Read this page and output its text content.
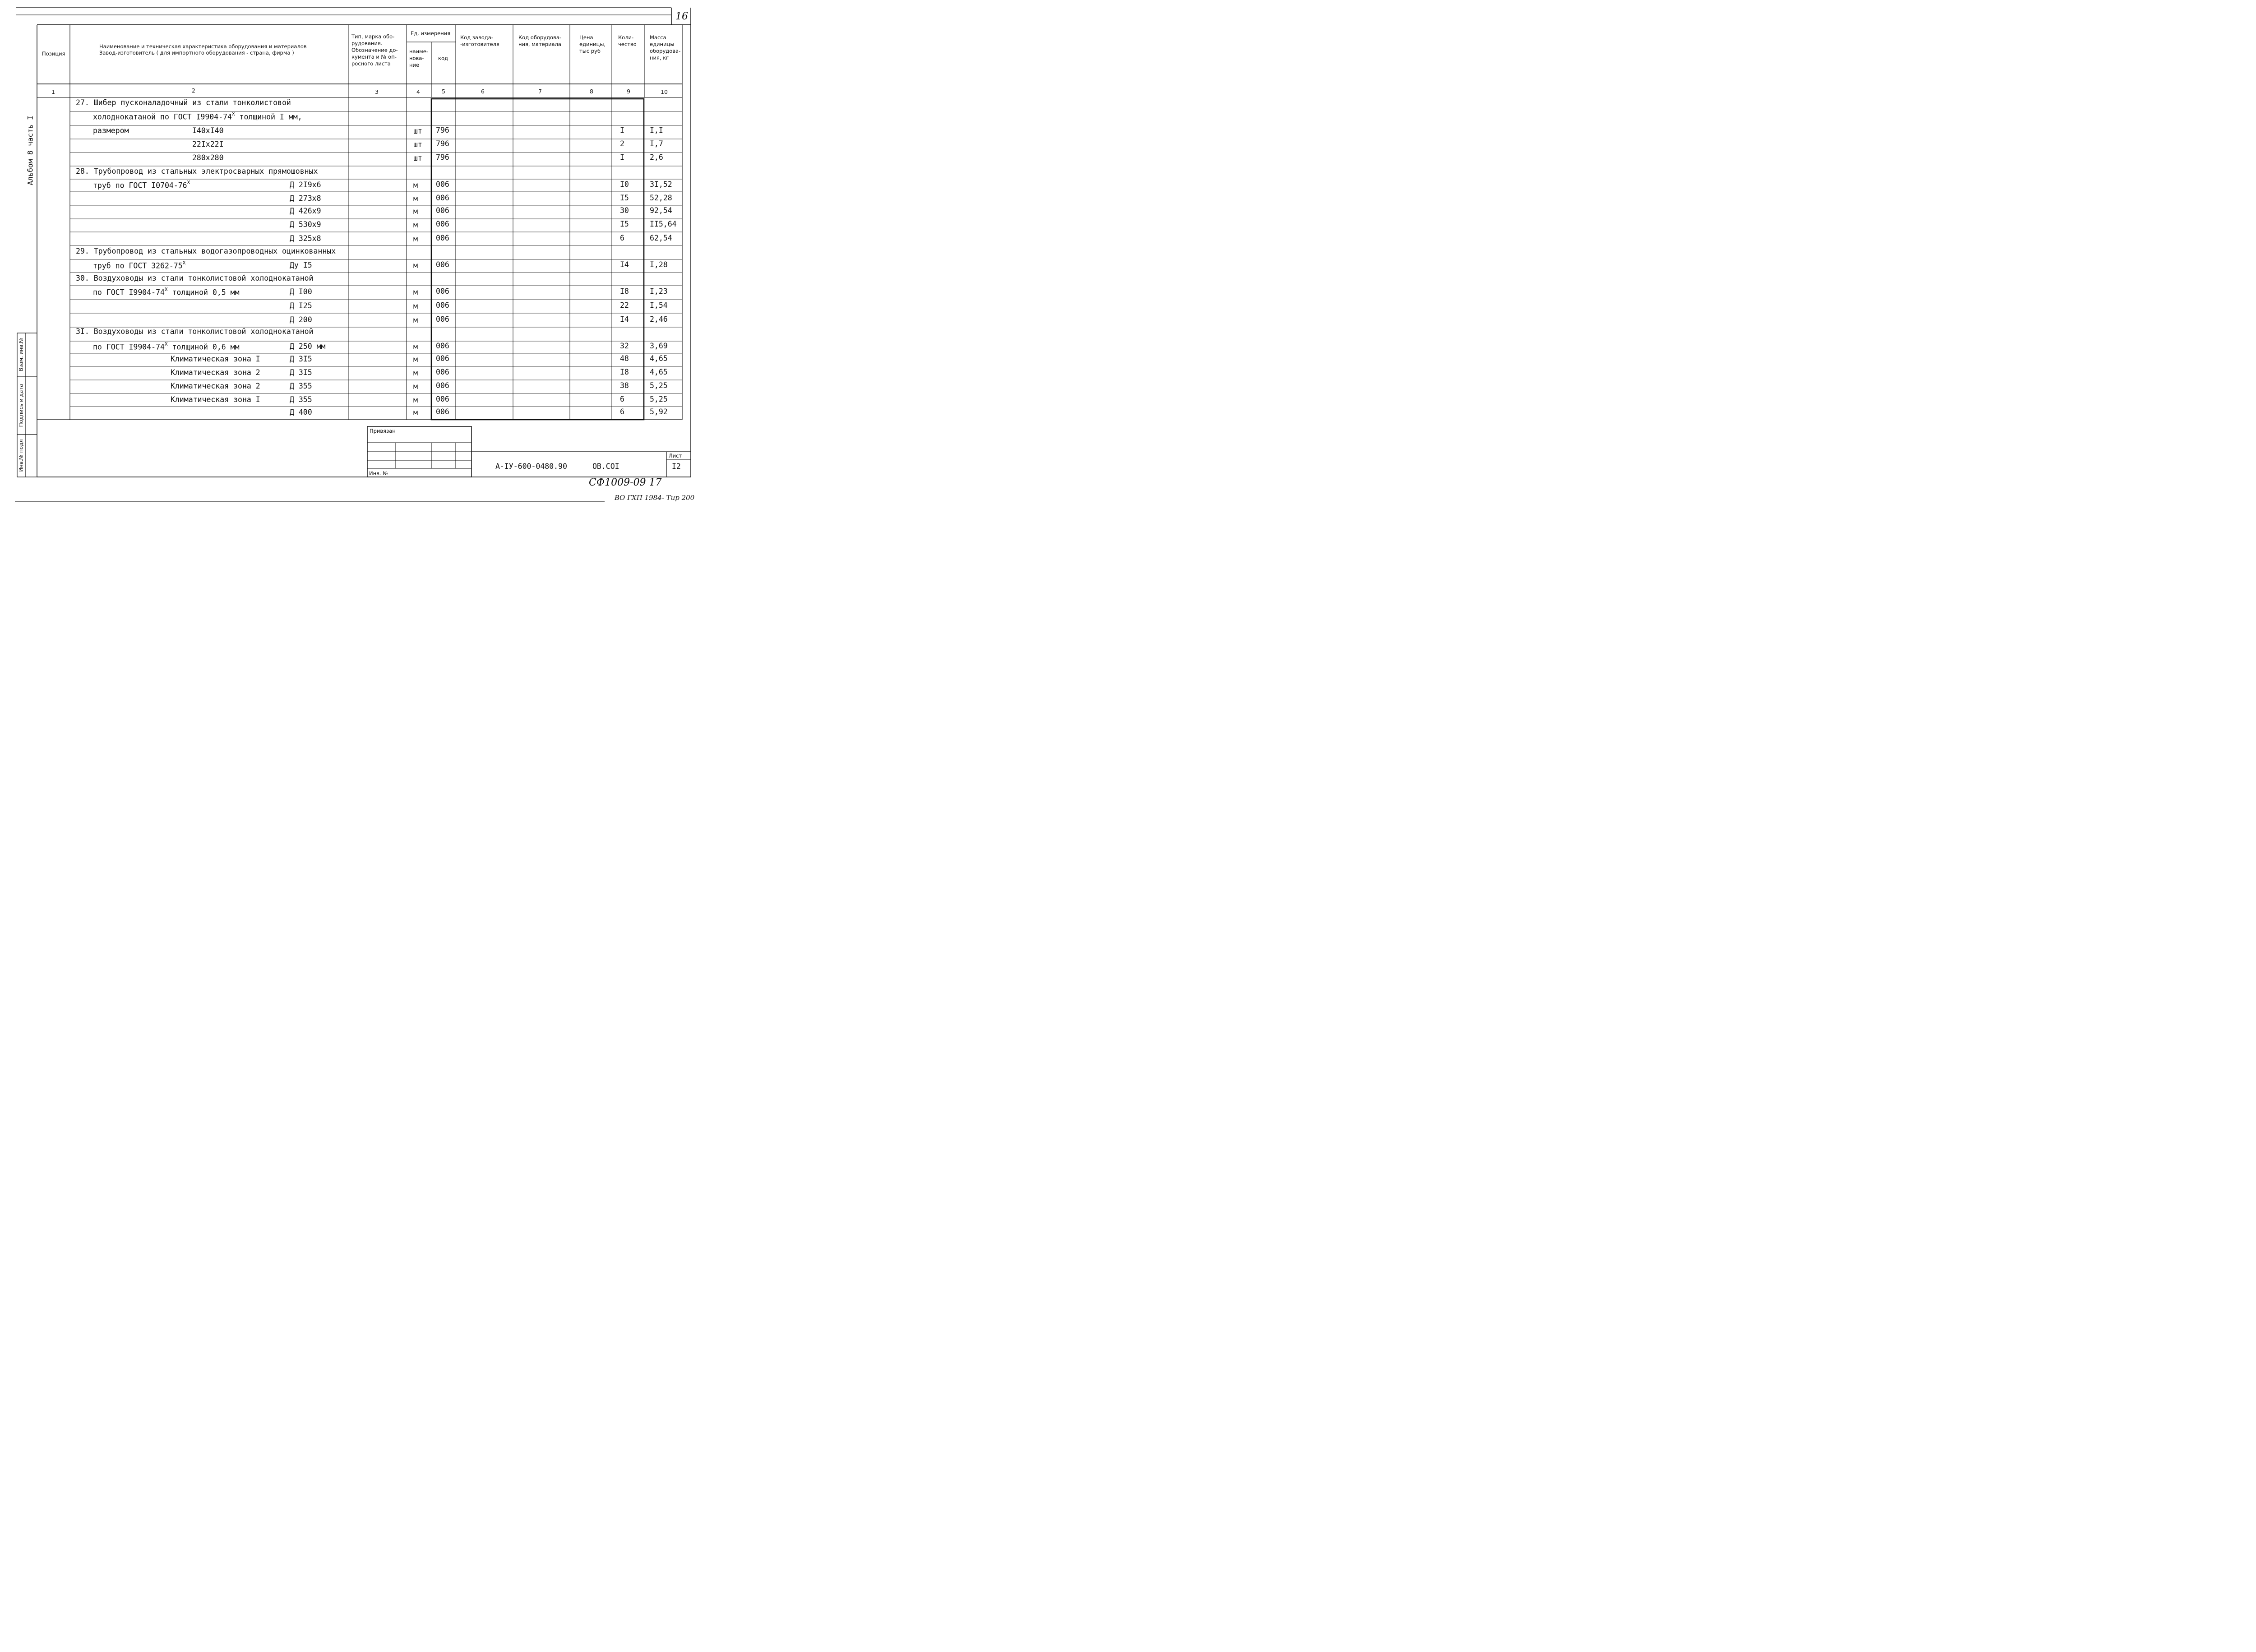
16
Альбом 8 часть I
Позиция
Наименование и техническая характеристика оборудования и материалов
Завод-изготовитель ( для импортного оборудования - страна, фирма )
Тип, марка обо-
рудования.
Обозначение до-
кумента и № оп-
росного листа
Ед. измерения
наиме-
нова-
ние
код
Код завода-
-изготовителя
Код оборудова-
ния, материала
Цена
единицы,
тыс руб
Коли-
чество
Масса
единицы
оборудова-
ния, кг
1	2	3	4	5	6	7	8	9	10
27. Шибер пусконаладочный из стали тонколистовой
холоднокатаной по ГОСТ $I9904-74^X$ толщиной I мм,
размером	I40xI40	шт 796	I	I,I
22Ix22I	шт 796	2	I,7
280x280	шт 796	I	2,6
28. Трубопровод из стальных электросварных прямошовных
труб по ГОСТ $I0704-76^X$	Д 2I9x6	м 006	I0	3I,52
Д 273x8	м 006	I5	52,28
Д 426x9	м 006	30	92,54
Д 530x9	м 006	I5	II5,64
Д 325x8	м 006	6	62,54
29. Трубопровод из стальных водогазопроводных оцинкованных
труб по ГОСТ $3262-75^X$	Ду I5	м 006	I4	I,28
30. Воздуховоды из стали тонколистовой холоднокатаной
по ГОСТ $I9904-74^X$ толщиной 0,5 мм	Д I00	м 006	I8	I,23
Д I25	м 006	22	I,54
Д 200	м 006	I4	2,46
3I. Воздуховоды из стали тонколистовой холоднокатаной
по ГОСТ $I9904-74^X$ толщиной 0,6 мм	Д 250 мм	м 006	32	3,69
Климатическая зона I	Д 3I5	м 006	48	4,65
Климатическая зона 2	Д 3I5	м 006	I8	4,65
Климатическая зона 2	Д 355	м 006	38	5,25
Климатическая зона I	Д 355	м 006	6	5,25
Д 400	м 006	6	5,92
Взам. инв.№
Подпись и дата
Инв.№ подл
Привязан
Инв. №
А-IУ-600-0480.90	ОВ.СОI
Лист
I2
СФ1009-09 17
ВО ГХП 1984- Тир 200
